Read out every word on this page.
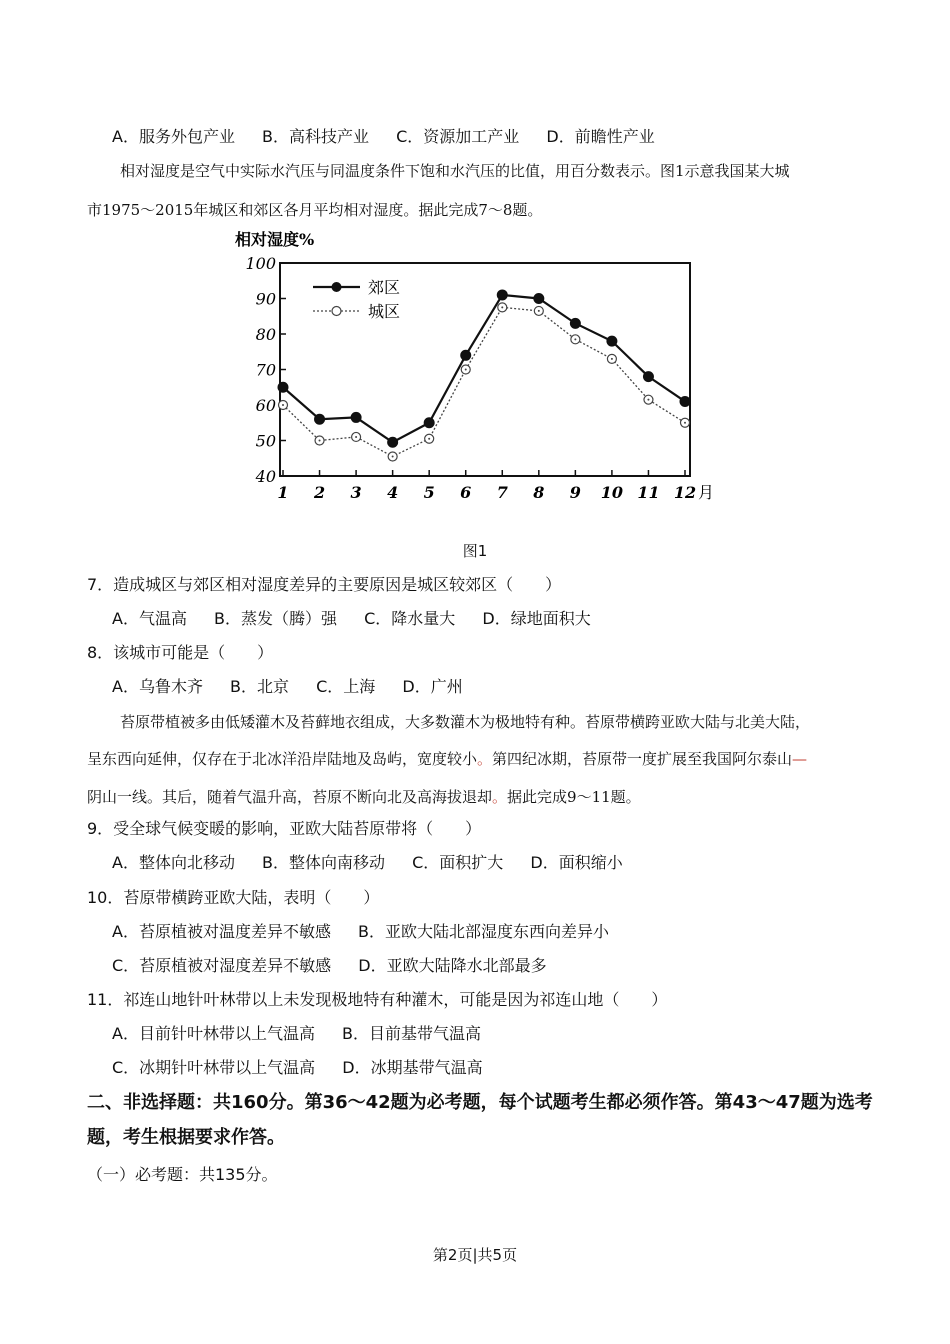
A．服务外包产业 B．高科技产业 C．资源加工产业 D．前瞻性产业
相对湿度是空气中实际水汽压与同温度条件下饱和水汽压的比值，用百分数表示。图1示意我国某大城
市1975～2015年城区和郊区各月平均相对湿度。据此完成7～8题。
相对湿度%
40
50
60
70
80
90
100
1 2 3 4 5 6 7 8 9 10 11 12 月
郊区
城区
图1
7．造成城区与郊区相对湿度差异的主要原因是城区较郊区（　　）
A．气温高 B．蒸发（腾）强 C．降水量大 D．绿地面积大
8．该城市可能是（　　）
A．乌鲁木齐 B．北京 C．上海 D．广州
苔原带植被多由低矮灌木及苔藓地衣组成，大多数灌木为极地特有种。苔原带横跨亚欧大陆与北美大陆，
呈东西向延伸，仅存在于北冰洋沿岸陆地及岛屿，宽度较小。第四纪冰期，苔原带一度扩展至我国阿尔泰山—
阴山一线。其后，随着气温升高，苔原不断向北及高海拔退却。据此完成9～11题。
9．受全球气候变暖的影响，亚欧大陆苔原带将（　　）
A．整体向北移动 B．整体向南移动 C．面积扩大 D．面积缩小
10．苔原带横跨亚欧大陆，表明（　　）
A．苔原植被对温度差异不敏感 B．亚欧大陆北部湿度东西向差异小
C．苔原植被对湿度差异不敏感 D．亚欧大陆降水北部最多
11．祁连山地针叶林带以上未发现极地特有种灌木，可能是因为祁连山地（　　）
A．目前针叶林带以上气温高 B．目前基带气温高
C．冰期针叶林带以上气温高 D．冰期基带气温高
二、非选择题：共160分。第36～42题为必考题，每个试题考生都必须作答。第43～47题为选考
题，考生根据要求作答。
（一）必考题：共135分。
第2页|共5页
